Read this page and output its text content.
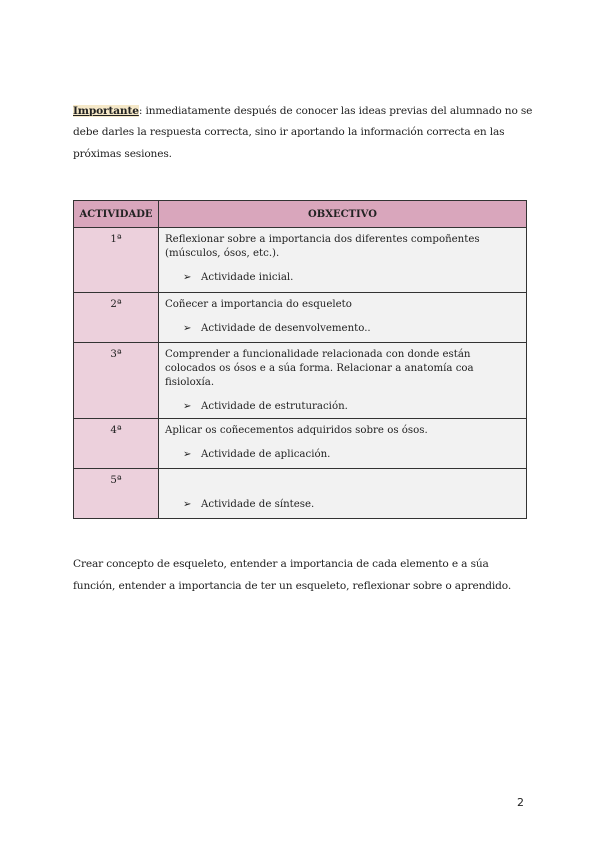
Importante: inmediatamente después de conocer las ideas previas del alumnado no se debe darles la respuesta correcta, sino ir aportando la información correcta en las próximas sesiones.

ACTIVIDADE	OBXECTIVO
1ª	Reflexionar sobre a importancia dos diferentes compoñentes (músculos, ósos, etc.).
➢ Actividade inicial.

2ª	Coñecer a importancia do esqueleto
➢ Actividade de desenvolvemento..

3ª	Comprender a funcionalidade relacionada con donde están colocados os ósos e a súa forma. Relacionar a anatomía coa fisioloxía.
➢ Actividade de estruturación.

4ª	Aplicar os coñecementos adquiridos sobre os ósos.
➢ Actividade de aplicación.

5ª	➢ Actividade de síntese.

Crear concepto de esqueleto, entender a importancia de cada elemento e a súa función, entender a importancia de ter un esqueleto, reflexionar sobre o aprendido.

2
